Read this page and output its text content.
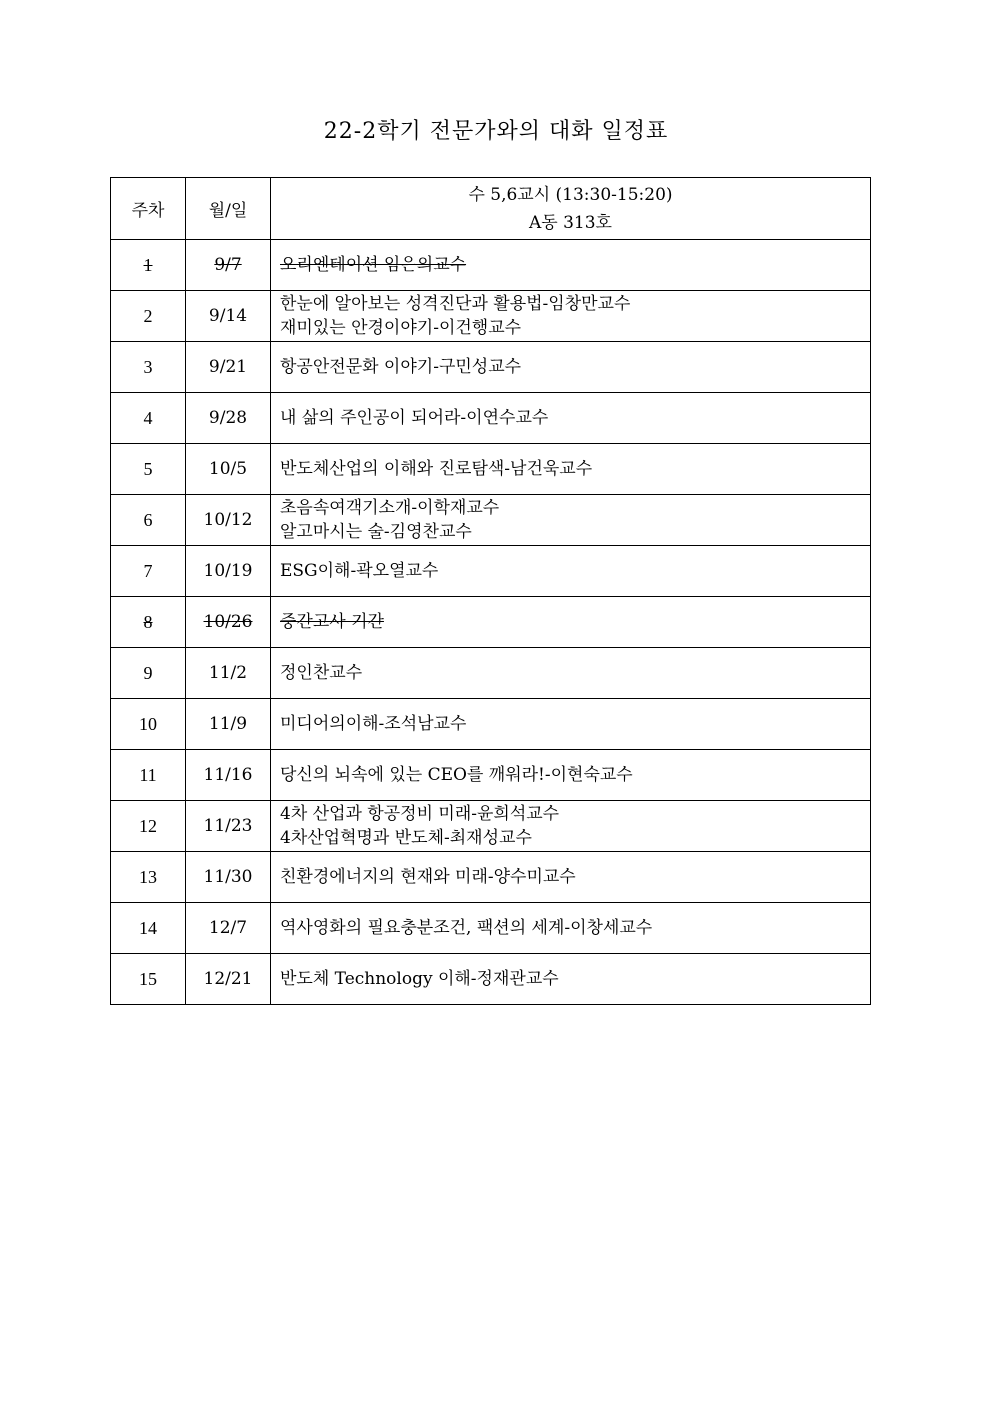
22-2학기 전문가와의 대화 일정표
주차	월/일	수 5,6교시 (13:30-15:20)
A동 313호

1	9/7	오리엔테이션 임은의교수

2	9/14	한눈에 알아보는 성격진단과 활용법-임창만교수
재미있는 안경이야기-이건행교수

3	9/21	항공안전문화 이야기-구민성교수

4	9/28	내 삶의 주인공이 되어라-이연수교수

5	10/5	반도체산업의 이해와 진로탐색-남건욱교수

6	10/12	초음속여객기소개-이학재교수
알고마시는 술-김영찬교수

7	10/19	ESG이해-곽오열교수

8	10/26	중간고사 기간

9	11/2	정인찬교수

10	11/9	미디어의이해-조석남교수

11	11/16	당신의 뇌속에 있는 CEO를 깨워라!-이현숙교수

12	11/23	4차 산업과 항공정비 미래-윤희석교수
4차산업혁명과 반도체-최재성교수

13	11/30	친환경에너지의 현재와 미래-양수미교수

14	12/7	역사영화의 필요충분조건, 팩션의 세계-이창세교수

15	12/21	반도체 Technology 이해-정재관교수
